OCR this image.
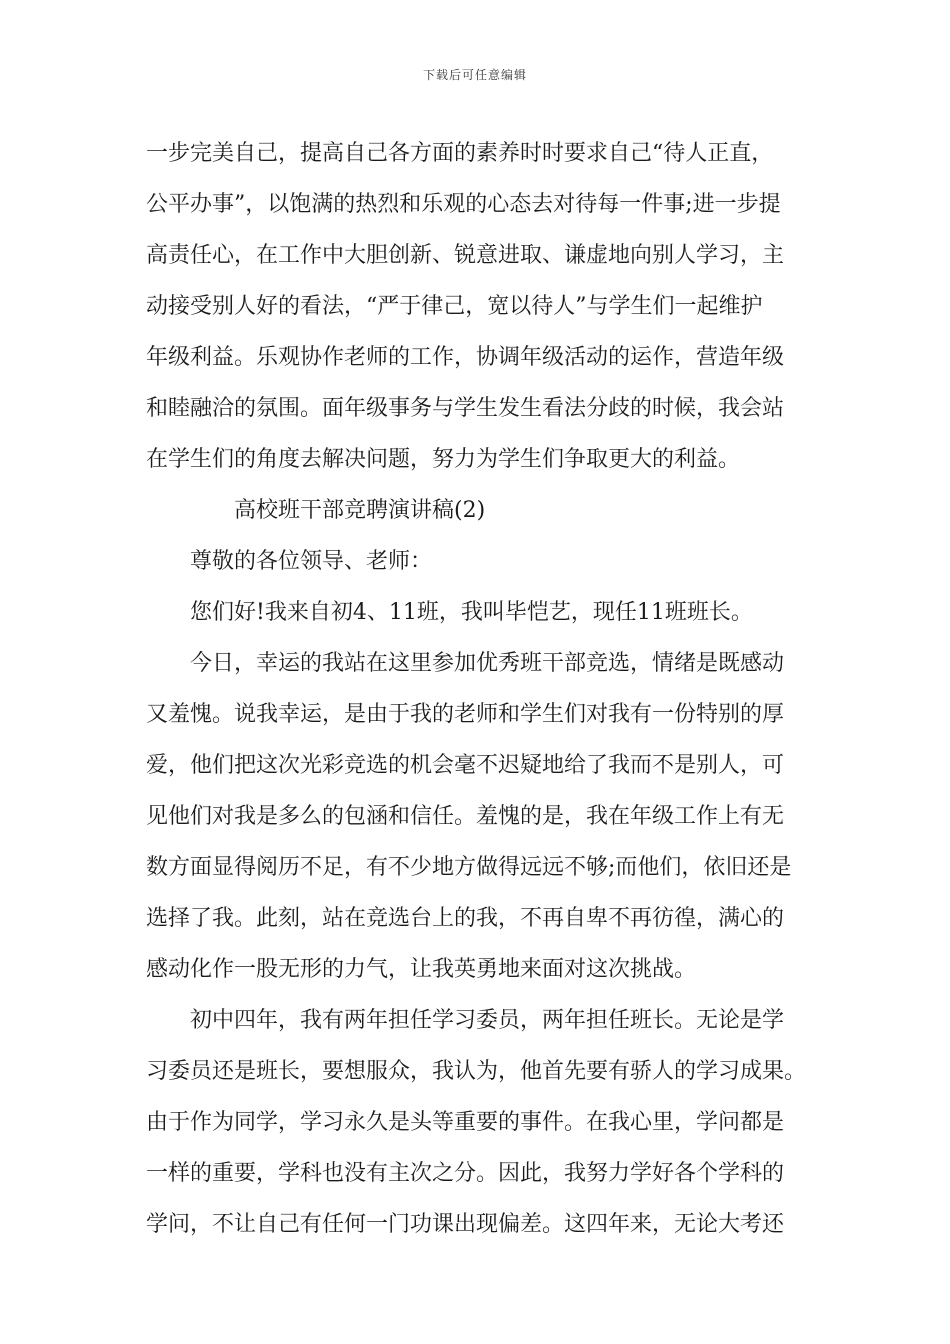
下载后可任意编辑
一步完美自己，提高自己各方面的素养时时要求自己“待人正直，
公平办事”，以饱满的热烈和乐观的心态去对待每一件事;进一步提
高责任心，在工作中大胆创新、锐意进取、谦虚地向别人学习，主
动接受别人好的看法，“严于律己，宽以待人”与学生们一起维护
年级利益。乐观协作老师的工作，协调年级活动的运作，营造年级
和睦融洽的氛围。面年级事务与学生发生看法分歧的时候，我会站
在学生们的角度去解决问题，努力为学生们争取更大的利益。
高校班干部竞聘演讲稿(2)
尊敬的各位领导、老师：
您们好!我来自初4、11班，我叫毕恺艺，现任11班班长。
今日，幸运的我站在这里参加优秀班干部竞选，情绪是既感动
又羞愧。说我幸运，是由于我的老师和学生们对我有一份特别的厚
爱，他们把这次光彩竞选的机会毫不迟疑地给了我而不是别人，可
见他们对我是多么的包涵和信任。羞愧的是，我在年级工作上有无
数方面显得阅历不足，有不少地方做得远远不够;而他们，依旧还是
选择了我。此刻，站在竞选台上的我，不再自卑不再彷徨，满心的
感动化作一股无形的力气，让我英勇地来面对这次挑战。
初中四年，我有两年担任学习委员，两年担任班长。无论是学
习委员还是班长，要想服众，我认为，他首先要有骄人的学习成果。
由于作为同学，学习永久是头等重要的事件。在我心里，学问都是
一样的重要，学科也没有主次之分。因此，我努力学好各个学科的
学问，不让自己有任何一门功课出现偏差。这四年来，无论大考还
